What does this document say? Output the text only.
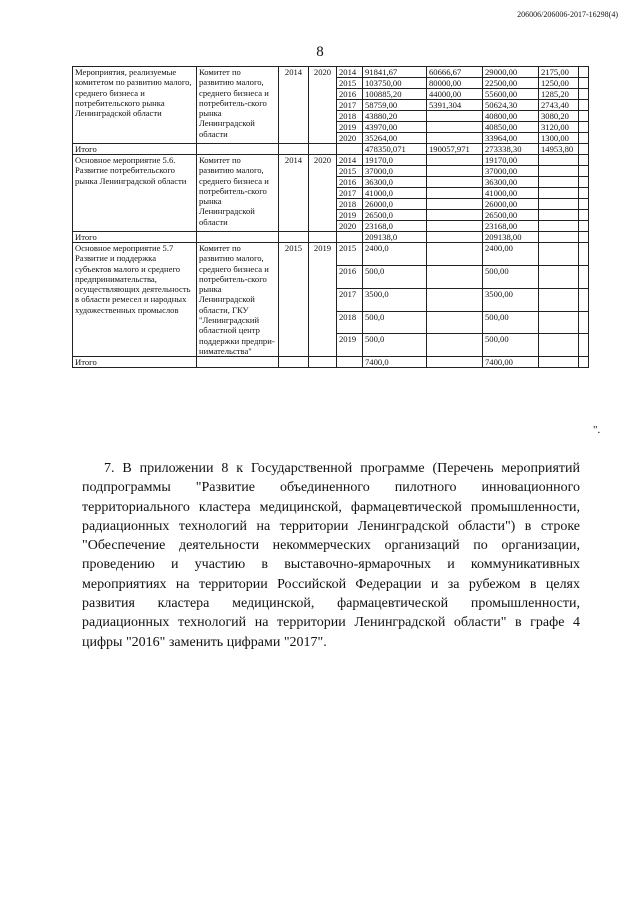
206006/206006-2017-16298(4)
8
Мероприятия, реализуемые комитетом по развитию малого, среднего бизнеса и потребительского рынка Ленинградской области	Комитет по развитию малого, среднего бизнеса и потребитель-ского рынка Ленинградской области	2014	2020	2014	91841,67	60666,67	29000,00	2175,00	
				2015	103750,00	80000,00	22500,00	1250,00	
				2016	100885,20	44000,00	55600,00	1285,20	
				2017	58759,00	5391,304	50624,30	2743,40	
				2018	43880,20		40800,00	3080,20	
				2019	43970,00		40850,00	3120,00	
				2020	35264,00		33964,00	1300,00	
Итого					478350,071	190057,971	273338,30	14953,80	
Основное мероприятие 5.6. Развитие потребительского рынка Ленинградской области	Комитет по развитию малого, среднего бизнеса и потребитель-ского рынка Ленинградской области	2014	2020	2014	19170,0		19170,00		
				2015	37000,0		37000,00		
				2016	36300,0		36300,00		
				2017	41000,0		41000,00		
				2018	26000,0		26000,00		
				2019	26500,0		26500,00		
				2020	23168,0		23168,00		
Итого					209138,0		209138,00		
Основное мероприятие 5.7 Развитие и поддержка субъектов малого и среднего предпринимательства, осуществляющих деятельность в области ремесел и народных художественных промыслов	Комитет по развитию малого, среднего бизнеса и потребитель-ского рынка Ленинградской области, ГКУ "Ленинградский областной центр поддержки предпри-нимательства"	2015	2019	2015	2400,0		2400,00		
				2016	500,0		500,00		
				2017	3500,0		3500,00		
				2018	500,0		500,00		
				2019	500,0		500,00		
Итого					7400,0		7400,00		
".

7. В приложении 8 к Государственной программе (Перечень мероприятий подпрограммы "Развитие объединенного пилотного инновационного территориального кластера медицинской, фармацевтической промышленности, радиационных технологий на территории Ленинградской области") в строке "Обеспечение деятельности некоммерческих организаций по организации, проведению и участию в выставочно-ярмарочных и коммуникативных мероприятиях на территории Российской Федерации и за рубежом в целях развития кластера медицинской, фармацевтической промышленности, радиационных технологий на территории Ленинградской области" в графе 4 цифры "2016" заменить цифрами "2017".
